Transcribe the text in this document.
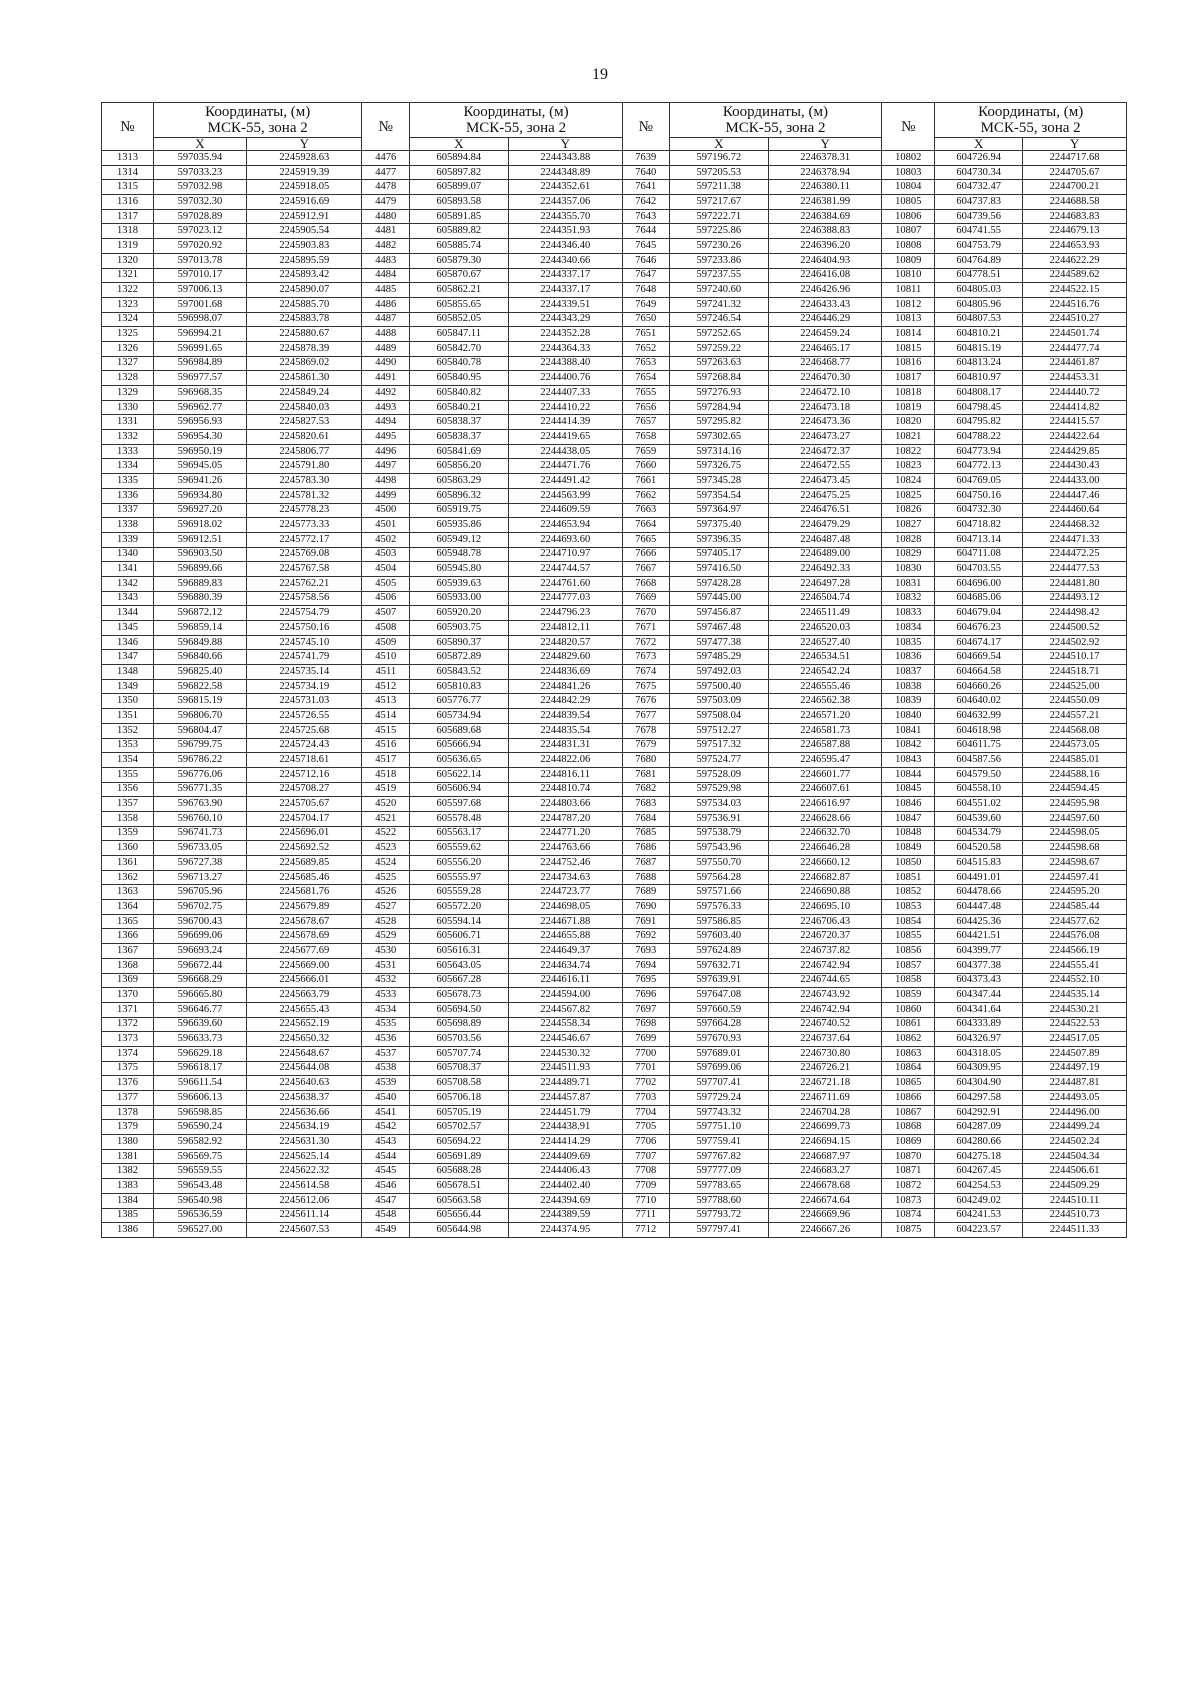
19
№	Координаты, (м)
МСК-55, зона 2		№	Координаты, (м)
МСК-55, зона 2		№	Координаты, (м)
МСК-55, зона 2		№	Координаты, (м)
МСК-55, зона 2	

	X	Y		X	Y		X	Y		X	Y
1313	597035.94	2245928.63	4476	605894.84	2244343.88	7639	597196.72	2246378.31	10802	604726.94	2244717.68
1314	597033.23	2245919.39	4477	605897.82	2244348.89	7640	597205.53	2246378.94	10803	604730.34	2244705.67
1315	597032.98	2245918.05	4478	605899.07	2244352.61	7641	597211.38	2246380.11	10804	604732.47	2244700.21
1316	597032.30	2245916.69	4479	605893.58	2244357.06	7642	597217.67	2246381.99	10805	604737.83	2244688.58
1317	597028.89	2245912.91	4480	605891.85	2244355.70	7643	597222.71	2246384.69	10806	604739.56	2244683.83
1318	597023.12	2245905.54	4481	605889.82	2244351.93	7644	597225.86	2246388.83	10807	604741.55	2244679.13
1319	597020.92	2245903.83	4482	605885.74	2244346.40	7645	597230.26	2246396.20	10808	604753.79	2244653.93
1320	597013.78	2245895.59	4483	605879.30	2244340.66	7646	597233.86	2246404.93	10809	604764.89	2244622.29
1321	597010.17	2245893.42	4484	605870.67	2244337.17	7647	597237.55	2246416.08	10810	604778.51	2244589.62
1322	597006.13	2245890.07	4485	605862.21	2244337.17	7648	597240.60	2246426.96	10811	604805.03	2244522.15
1323	597001.68	2245885.70	4486	605855.65	2244339.51	7649	597241.32	2246433.43	10812	604805.96	2244516.76
1324	596998.07	2245883.78	4487	605852.05	2244343.29	7650	597246.54	2246446.29	10813	604807.53	2244510.27
1325	596994.21	2245880.67	4488	605847.11	2244352.28	7651	597252.65	2246459.24	10814	604810.21	2244501.74
1326	596991.65	2245878.39	4489	605842.70	2244364.33	7652	597259.22	2246465.17	10815	604815.19	2244477.74
1327	596984.89	2245869.02	4490	605840.78	2244388.40	7653	597263.63	2246468.77	10816	604813.24	2244461.87
1328	596977.57	2245861.30	4491	605840.95	2244400.76	7654	597268.84	2246470.30	10817	604810.97	2244453.31
1329	596968.35	2245849.24	4492	605840.82	2244407.33	7655	597276.93	2246472.10	10818	604808.17	2244440.72
1330	596962.77	2245840.03	4493	605840.21	2244410.22	7656	597284.94	2246473.18	10819	604798.45	2244414.82
1331	596956.93	2245827.53	4494	605838.37	2244414.39	7657	597295.82	2246473.36	10820	604795.82	2244415.57
1332	596954.30	2245820.61	4495	605838.37	2244419.65	7658	597302.65	2246473.27	10821	604788.22	2244422.64
1333	596950.19	2245806.77	4496	605841.69	2244438.05	7659	597314.16	2246472.37	10822	604773.94	2244429.85
1334	596945.05	2245791.80	4497	605856.20	2244471.76	7660	597326.75	2246472.55	10823	604772.13	2244430.43
1335	596941.26	2245783.30	4498	605863.29	2244491.42	7661	597345.28	2246473.45	10824	604769.05	2244433.00
1336	596934.80	2245781.32	4499	605896.32	2244563.99	7662	597354.54	2246475.25	10825	604750.16	2244447.46
1337	596927.20	2245778.23	4500	605919.75	2244609.59	7663	597364.97	2246476.51	10826	604732.30	2244460.64
1338	596918.02	2245773.33	4501	605935.86	2244653.94	7664	597375.40	2246479.29	10827	604718.82	2244468.32
1339	596912.51	2245772.17	4502	605949.12	2244693.60	7665	597396.35	2246487.48	10828	604713.14	2244471.33
1340	596903.50	2245769.08	4503	605948.78	2244710.97	7666	597405.17	2246489.00	10829	604711.08	2244472.25
1341	596899.66	2245767.58	4504	605945.80	2244744.57	7667	597416.50	2246492.33	10830	604703.55	2244477.53
1342	596889.83	2245762.21	4505	605939.63	2244761.60	7668	597428.28	2246497.28	10831	604696.00	2244481.80
1343	596880.39	2245758.56	4506	605933.00	2244777.03	7669	597445.00	2246504.74	10832	604685.06	2244493.12
1344	596872.12	2245754.79	4507	605920.20	2244796.23	7670	597456.87	2246511.49	10833	604679.04	2244498.42
1345	596859.14	2245750.16	4508	605903.75	2244812.11	7671	597467.48	2246520.03	10834	604676.23	2244500.52
1346	596849.88	2245745.10	4509	605890.37	2244820.57	7672	597477.38	2246527.40	10835	604674.17	2244502.92
1347	596840.66	2245741.79	4510	605872.89	2244829.60	7673	597485.29	2246534.51	10836	604669.54	2244510.17
1348	596825.40	2245735.14	4511	605843.52	2244836.69	7674	597492.03	2246542.24	10837	604664.58	2244518.71
1349	596822.58	2245734.19	4512	605810.83	2244841.26	7675	597500.40	2246555.46	10838	604660.26	2244525.00
1350	596815.19	2245731.03	4513	605776.77	2244842.29	7676	597503.09	2246562.38	10839	604640.02	2244550.09
1351	596806.70	2245726.55	4514	605734.94	2244839.54	7677	597508.04	2246571.20	10840	604632.99	2244557.21
1352	596804.47	2245725.68	4515	605689.68	2244835.54	7678	597512.27	2246581.73	10841	604618.98	2244568.08
1353	596799.75	2245724.43	4516	605666.94	2244831.31	7679	597517.32	2246587.88	10842	604611.75	2244573.05
1354	596786.22	2245718.61	4517	605636.65	2244822.06	7680	597524.77	2246595.47	10843	604587.56	2244585.01
1355	596776.06	2245712.16	4518	605622.14	2244816.11	7681	597528.09	2246601.77	10844	604579.50	2244588.16
1356	596771.35	2245708.27	4519	605606.94	2244810.74	7682	597529.98	2246607.61	10845	604558.10	2244594.45
1357	596763.90	2245705.67	4520	605597.68	2244803.66	7683	597534.03	2246616.97	10846	604551.02	2244595.98
1358	596760.10	2245704.17	4521	605578.48	2244787.20	7684	597536.91	2246628.66	10847	604539.60	2244597.60
1359	596741.73	2245696.01	4522	605563.17	2244771.20	7685	597538.79	2246632.70	10848	604534.79	2244598.05
1360	596733.05	2245692.52	4523	605559.62	2244763.66	7686	597543.96	2246646.28	10849	604520.58	2244598.68
1361	596727.38	2245689.85	4524	605556.20	2244752.46	7687	597550.70	2246660.12	10850	604515.83	2244598.67
1362	596713.27	2245685.46	4525	605555.97	2244734.63	7688	597564.28	2246682.87	10851	604491.01	2244597.41
1363	596705.96	2245681.76	4526	605559.28	2244723.77	7689	597571.66	2246690.88	10852	604478.66	2244595.20
1364	596702.75	2245679.89	4527	605572.20	2244698.05	7690	597576.33	2246695.10	10853	604447.48	2244585.44
1365	596700.43	2245678.67	4528	605594.14	2244671.88	7691	597586.85	2246706.43	10854	604425.36	2244577.62
1366	596699.06	2245678.69	4529	605606.71	2244655.88	7692	597603.40	2246720.37	10855	604421.51	2244576.08
1367	596693.24	2245677.69	4530	605616.31	2244649.37	7693	597624.89	2246737.82	10856	604399.77	2244566.19
1368	596672.44	2245669.00	4531	605643.05	2244634.74	7694	597632.71	2246742.94	10857	604377.38	2244555.41
1369	596668.29	2245666.01	4532	605667.28	2244616.11	7695	597639.91	2246744.65	10858	604373.43	2244552.10
1370	596665.80	2245663.79	4533	605678.73	2244594.00	7696	597647.08	2246743.92	10859	604347.44	2244535.14
1371	596646.77	2245655.43	4534	605694.50	2244567.82	7697	597660.59	2246742.94	10860	604341.64	2244530.21
1372	596639.60	2245652.19	4535	605698.89	2244558.34	7698	597664.28	2246740.52	10861	604333.89	2244522.53
1373	596633.73	2245650.32	4536	605703.56	2244546.67	7699	597670.93	2246737.64	10862	604326.97	2244517.05
1374	596629.18	2245648.67	4537	605707.74	2244530.32	7700	597689.01	2246730.80	10863	604318.05	2244507.89
1375	596618.17	2245644.08	4538	605708.37	2244511.93	7701	597699.06	2246726.21	10864	604309.95	2244497.19
1376	596611.54	2245640.63	4539	605708.58	2244489.71	7702	597707.41	2246721.18	10865	604304.90	2244487.81
1377	596606.13	2245638.37	4540	605706.18	2244457.87	7703	597729.24	2246711.69	10866	604297.58	2244493.05
1378	596598.85	2245636.66	4541	605705.19	2244451.79	7704	597743.32	2246704.28	10867	604292.91	2244496.00
1379	596590.24	2245634.19	4542	605702.57	2244438.91	7705	597751.10	2246699.73	10868	604287.09	2244499.24
1380	596582.92	2245631.30	4543	605694.22	2244414.29	7706	597759.41	2246694.15	10869	604280.66	2244502.24
1381	596569.75	2245625.14	4544	605691.89	2244409.69	7707	597767.82	2246687.97	10870	604275.18	2244504.34
1382	596559.55	2245622.32	4545	605688.28	2244406.43	7708	597777.09	2246683.27	10871	604267.45	2244506.61
1383	596543.48	2245614.58	4546	605678.51	2244402.40	7709	597783.65	2246678.68	10872	604254.53	2244509.29
1384	596540.98	2245612.06	4547	605663.58	2244394.69	7710	597788.60	2246674.64	10873	604249.02	2244510.11
1385	596536.59	2245611.14	4548	605656.44	2244389.59	7711	597793.72	2246669.96	10874	604241.53	2244510.73
1386	596527.00	2245607.53	4549	605644.98	2244374.95	7712	597797.41	2246667.26	10875	604223.57	2244511.33
